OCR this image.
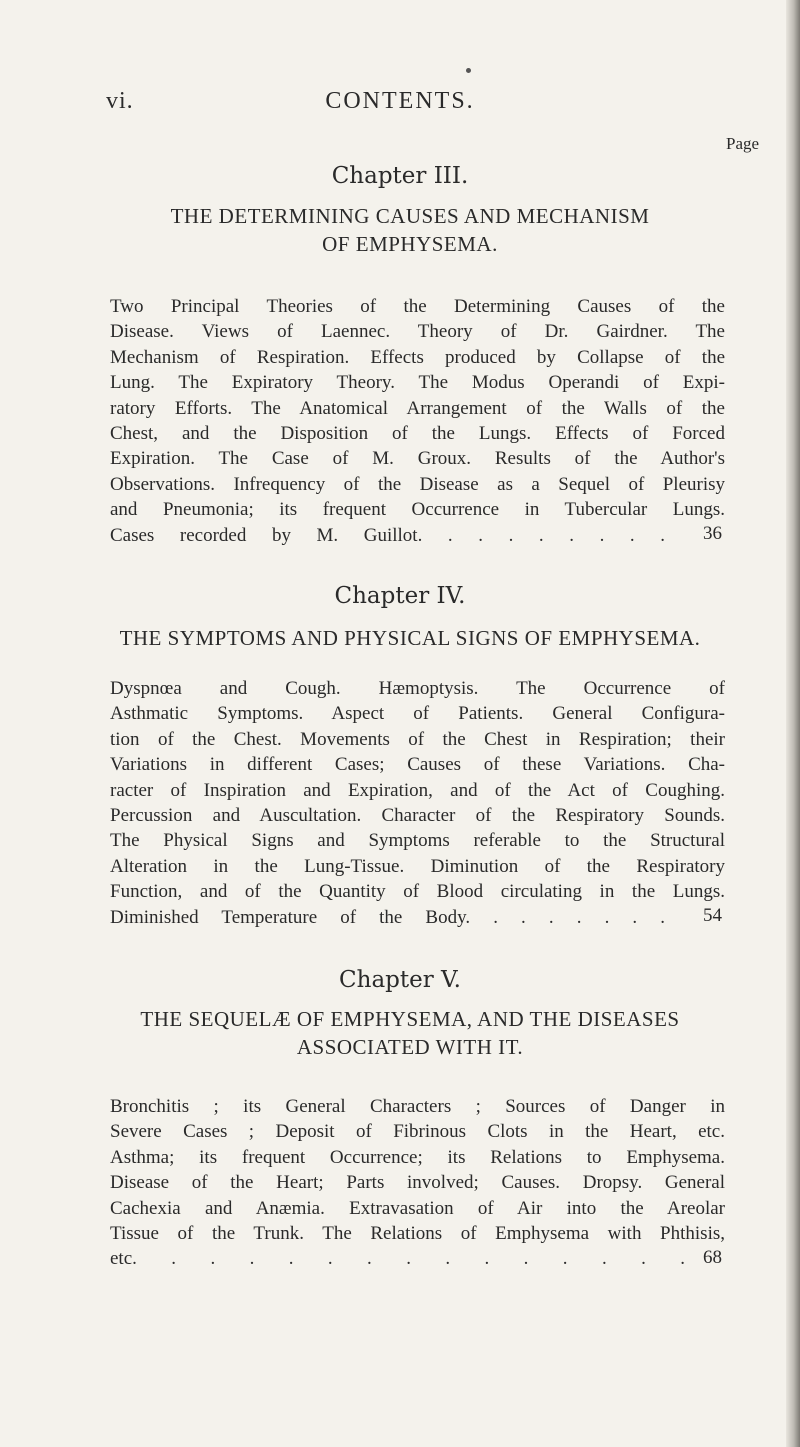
vi.	CONTENTS.
Page
Chapter III.
THE DETERMINING CAUSES AND MECHANISM
OF EMPHYSEMA.
Two Principal Theories of the Determining Causes of the
Disease. Views of Laennec. Theory of Dr. Gairdner. The
Mechanism of Respiration. Effects produced by Collapse of the
Lung. The Expiratory Theory. The Modus Operandi of Expi-
ratory Efforts. The Anatomical Arrangement of the Walls of the
Chest, and the Disposition of the Lungs. Effects of Forced
Expiration. The Case of M. Groux. Results of the Author's
Observations. Infrequency of the Disease as a Sequel of Pleurisy
and Pneumonia; its frequent Occurrence in Tubercular Lungs.
Cases recorded by M. Guillot. . . . . . . . . 36
Chapter IV.
THE SYMPTOMS AND PHYSICAL SIGNS OF EMPHYSEMA.
Dyspnœa and Cough. Hæmoptysis. The Occurrence of
Asthmatic Symptoms. Aspect of Patients. General Configura-
tion of the Chest. Movements of the Chest in Respiration; their
Variations in different Cases; Causes of these Variations. Cha-
racter of Inspiration and Expiration, and of the Act of Coughing.
Percussion and Auscultation. Character of the Respiratory Sounds.
The Physical Signs and Symptoms referable to the Structural
Alteration in the Lung-Tissue. Diminution of the Respiratory
Function, and of the Quantity of Blood circulating in the Lungs.
Diminished Temperature of the Body. . . . . . . . 54
Chapter V.
THE SEQUELÆ OF EMPHYSEMA, AND THE DISEASES
ASSOCIATED WITH IT.
Bronchitis ; its General Characters ; Sources of Danger in
Severe Cases ; Deposit of Fibrinous Clots in the Heart, etc.
Asthma; its frequent Occurrence; its Relations to Emphysema.
Disease of the Heart; Parts involved; Causes. Dropsy. General
Cachexia and Anæmia. Extravasation of Air into the Areolar
Tissue of the Trunk. The Relations of Emphysema with Phthisis,
etc. . . . . . . . . . . . . . . 68
